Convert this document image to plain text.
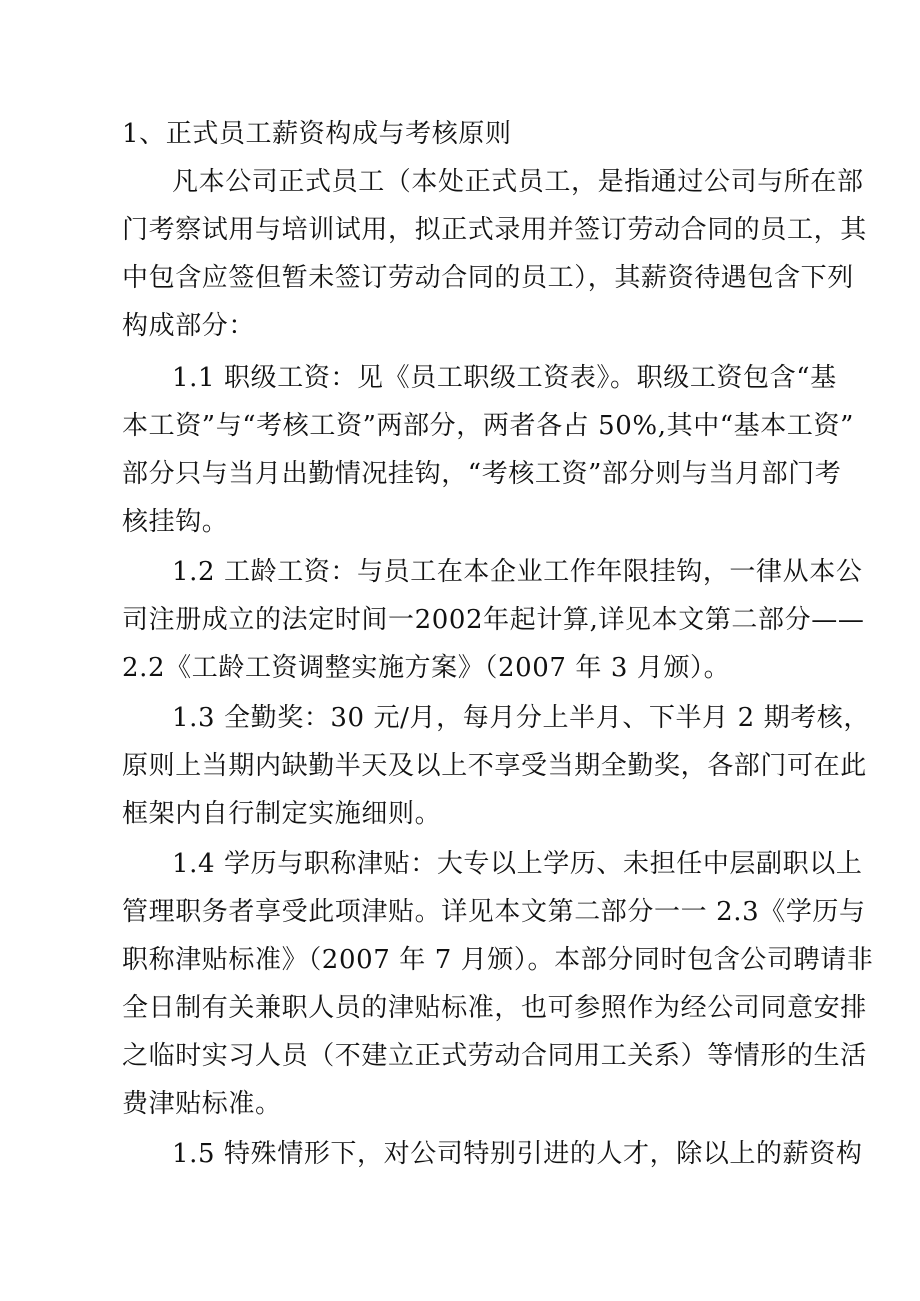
1、正式员工薪资构成与考核原则
凡本公司正式员工（本处正式员工，是指通过公司与所在部
门考察试用与培训试用，拟正式录用并签订劳动合同的员工，其
中包含应签但暂未签订劳动合同的员工），其薪资待遇包含下列
构成部分：
1.1 职级工资：见《员工职级工资表》。职级工资包含“基
本工资”与“考核工资”两部分，两者各占 50%,其中“基本工资”
部分只与当月出勤情况挂钩，“考核工资”部分则与当月部门考
核挂钩。
1.2 工龄工资：与员工在本企业工作年限挂钩，一律从本公
司注册成立的法定时间一2002年起计算,详见本文第二部分——
2.2《工龄工资调整实施方案》（2007 年 3 月颁）。
1.3 全勤奖：30 元/月，每月分上半月、下半月 2 期考核，
原则上当期内缺勤半天及以上不享受当期全勤奖，各部门可在此
框架内自行制定实施细则。
1.4 学历与职称津贴：大专以上学历、未担任中层副职以上
管理职务者享受此项津贴。详见本文第二部分一一 2.3《学历与
职称津贴标准》（2007 年 7 月颁）。本部分同时包含公司聘请非
全日制有关兼职人员的津贴标准，也可参照作为经公司同意安排
之临时实习人员（不建立正式劳动合同用工关系）等情形的生活
费津贴标准。
1.5 特殊情形下，对公司特别引进的人才，除以上的薪资构
